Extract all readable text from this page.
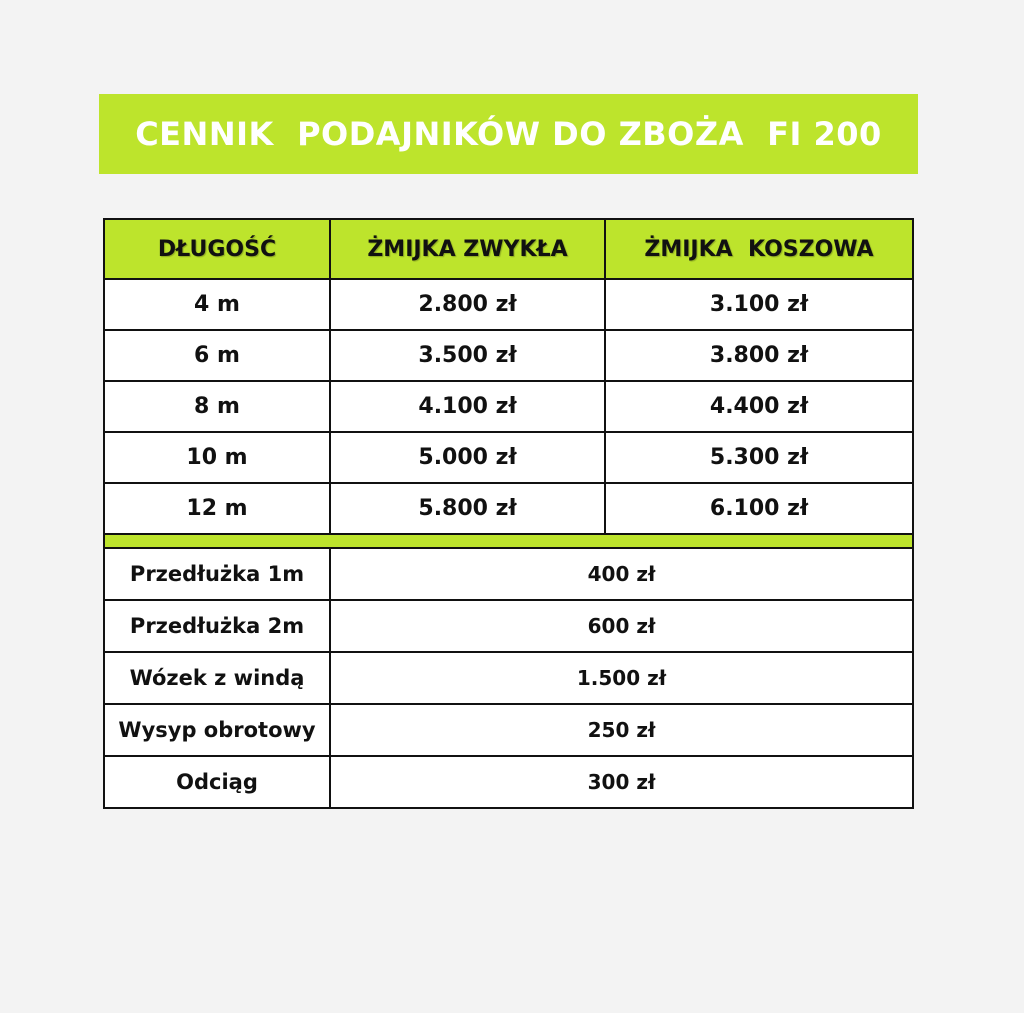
CENNIK  PODAJNIKÓW DO ZBOŻA  FI 200
DŁUGOŚĆ	ŻMIJKA ZWYKŁA	ŻMIJKA  KOSZOWA
4 m	2.800 zł	3.100 zł
6 m	3.500 zł	3.800 zł
8 m	4.100 zł	4.400 zł
10 m	5.000 zł	5.300 zł
12 m	5.800 zł	6.100 zł
Przedłużka 1m	400 zł
Przedłużka 2m	600 zł
Wózek z windą	1.500 zł
Wysyp obrotowy	250 zł
Odciąg	300 zł
